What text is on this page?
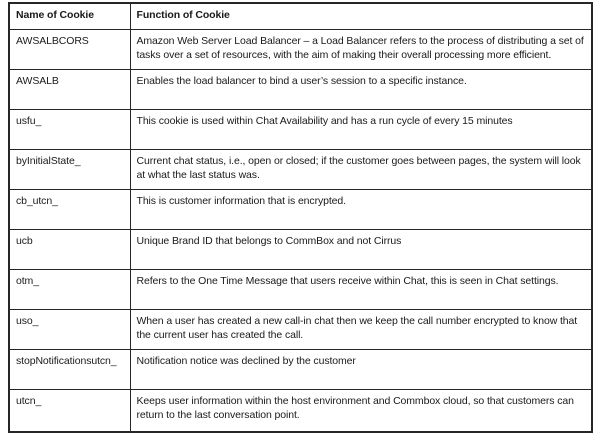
Name of Cookie	Function of Cookie
AWSALBCORS	Amazon Web Server Load Balancer – a Load Balancer refers to the process of distributing a set of tasks over a set of resources, with the aim of making their overall processing more efficient.
AWSALB	Enables the load balancer to bind a user’s session to a specific instance.
usfu_	This cookie is used within Chat Availability and has a run cycle of every 15 minutes
byInitialState_	Current chat status, i.e., open or closed; if the customer goes between pages, the system will look at what the last status was.
cb_utcn_	This is customer information that is encrypted.
ucb	Unique Brand ID that belongs to CommBox and not Cirrus
otm_	Refers to the One Time Message that users receive within Chat, this is seen in Chat settings.
uso_	When a user has created a new call-in chat then we keep the call number encrypted to know that the current user has created the call.
stopNotificationsutcn_	Notification notice was declined by the customer
utcn_	Keeps user information within the host environment and Commbox cloud, so that customers can return to the last conversation point.
